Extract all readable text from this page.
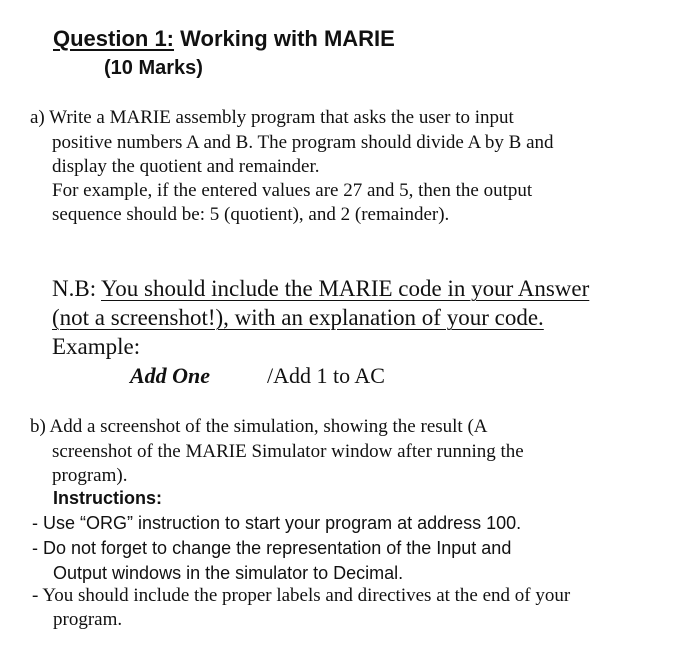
Question 1: Working with MARIE
(10 Marks)
a) Write a MARIE assembly program that asks the user to input
positive numbers A and B. The program should divide A by B and
display the quotient and remainder.
For example, if the entered values are 27 and 5, then the output
sequence should be: 5 (quotient), and 2 (remainder).
N.B: You should include the MARIE code in your Answer
(not a screenshot!), with an explanation of your code.
Example:
Add One	/Add 1 to AC
b) Add a screenshot of the simulation, showing the result (A
screenshot of the MARIE Simulator window after running the
program).
Instructions:
- Use “ORG” instruction to start your program at address 100.
- Do not forget to change the representation of the Input and
Output windows in the simulator to Decimal.
- You should include the proper labels and directives at the end of your
program.
